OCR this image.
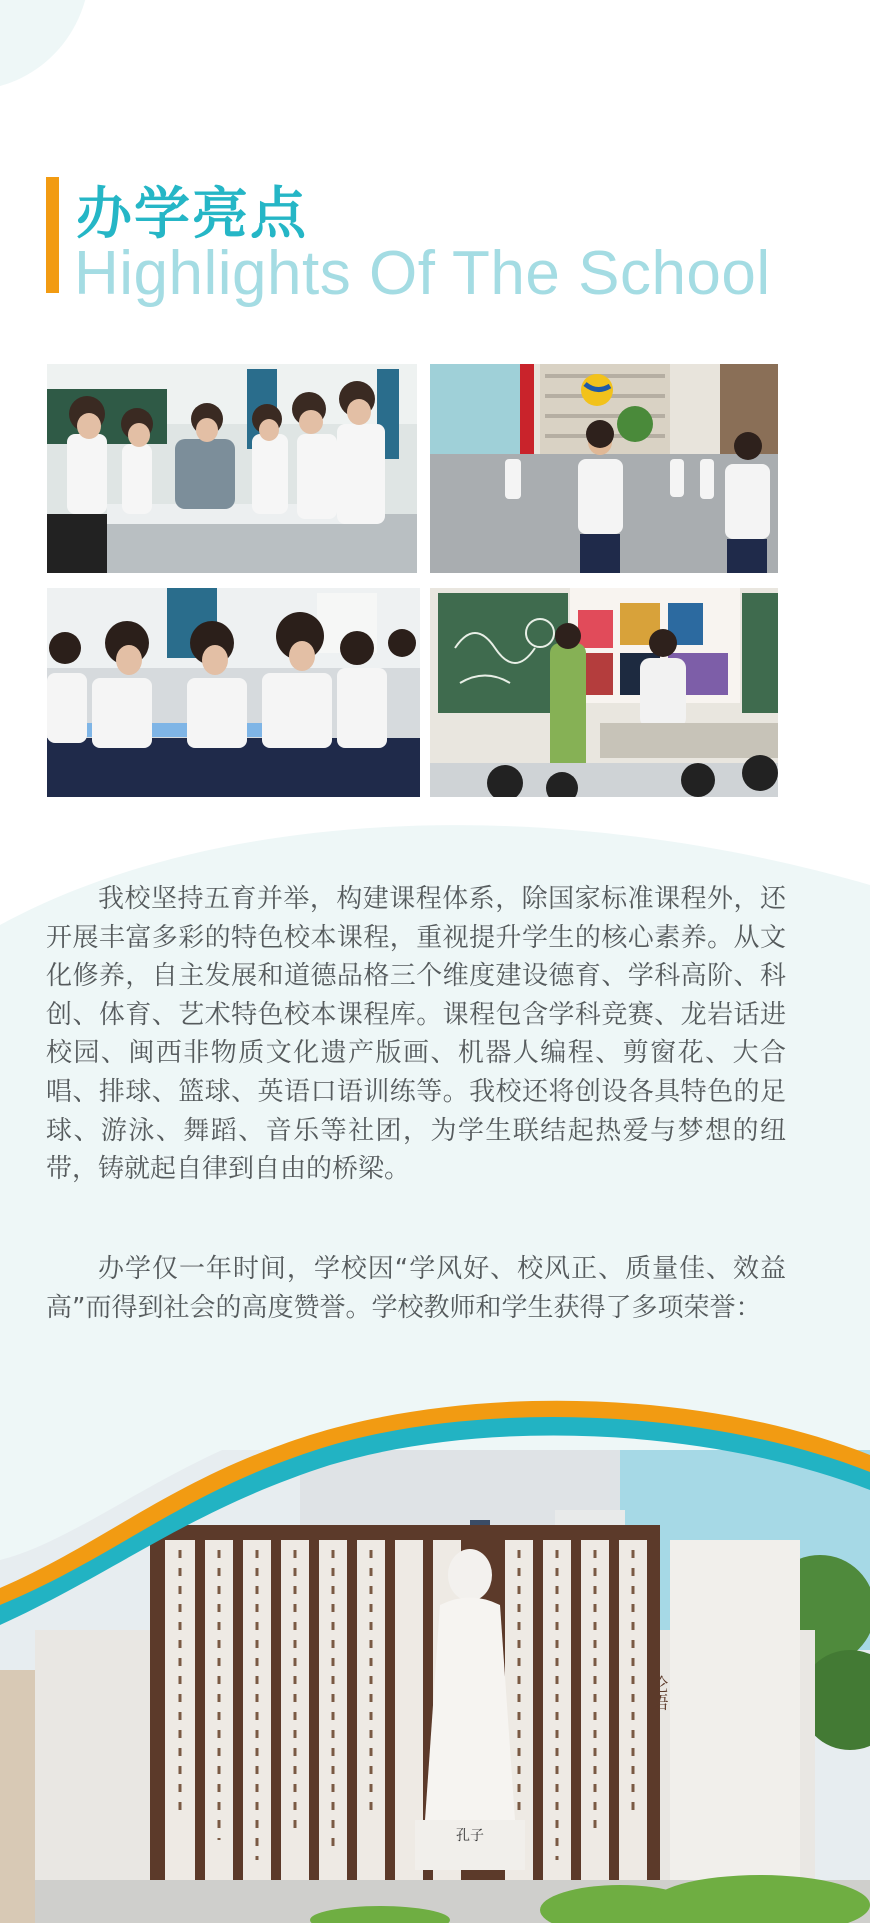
办学亮点
Highlights Of The School

我校坚持五育并举，构建课程体系，除国家标准课程外，还开展丰富多彩的特色校本课程，重视提升学生的核心素养。从文化修养，自主发展和道德品格三个维度建设德育、学科高阶、科创、体育、艺术特色校本课程库。课程包含学科竞赛、龙岩话进校园、闽西非物质文化遗产版画、机器人编程、剪窗花、大合唱、排球、篮球、英语口语训练等。我校还将创设各具特色的足球、游泳、舞蹈、音乐等社团，为学生联结起热爱与梦想的纽带，铸就起自律到自由的桥梁。

办学仅一年时间，学校因“学风好、校风正、质量佳、效益高”而得到社会的高度赞誉。学校教师和学生获得了多项荣誉：

论语
孔子
